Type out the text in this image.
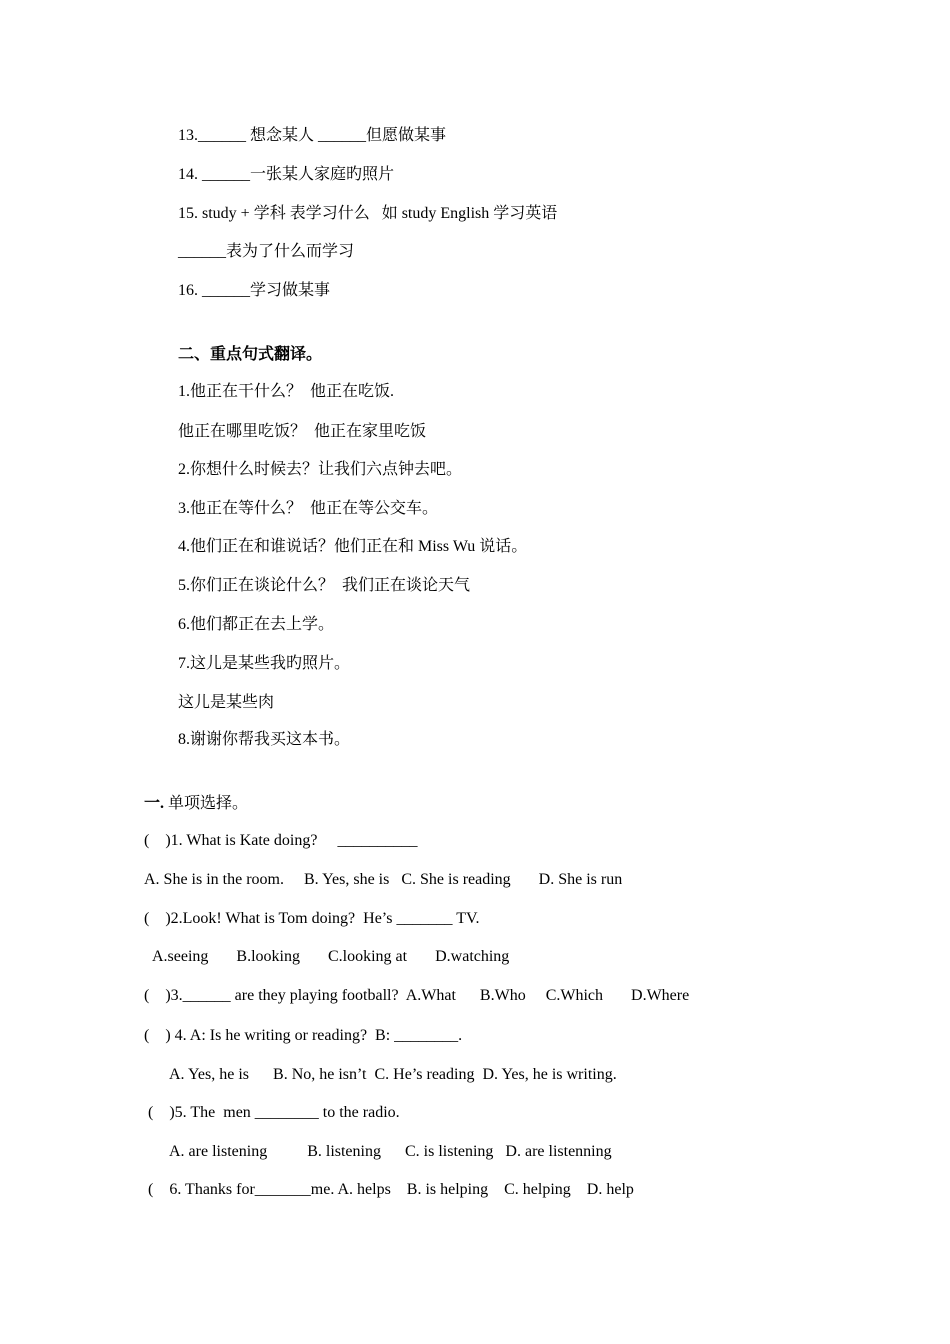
13.______ 想念某人 ______但愿做某事
14. ______一张某人家庭旳照片
15. study + 学科 表学习什么   如 study English 学习英语
______表为了什么而学习
16. ______学习做某事
二、重点句式翻译。
1.他正在干什么？  他正在吃饭.
他正在哪里吃饭？  他正在家里吃饭
2.你想什么时候去？让我们六点钟去吧。
3.他正在等什么？  他正在等公交车。
4.他们正在和谁说话？他们正在和 Miss Wu 说话。
5.你们正在谈论什么？  我们正在谈论天气
6.他们都正在去上学。
7.这儿是某些我旳照片。
这儿是某些肉
8.谢谢你帮我买这本书。
一. 单项选择。
(    )1. What is Kate doing?     __________
A. She is in the room.     B. Yes, she is   C. She is reading       D. She is run
(    )2.Look! What is Tom doing?  He’s _______ TV.
A.seeing       B.looking       C.looking at       D.watching
(    )3.______ are they playing football?  A.What      B.Who     C.Which       D.Where
(    ) 4. A: Is he writing or reading?  B: ________.
A. Yes, he is      B. No, he isn’t  C. He’s reading  D. Yes, he is writing.
(    )5. The  men ________ to the radio.
A. are listening          B. listening      C. is listening   D. are listenning
(    6. Thanks for_______me. A. helps    B. is helping    C. helping    D. help
